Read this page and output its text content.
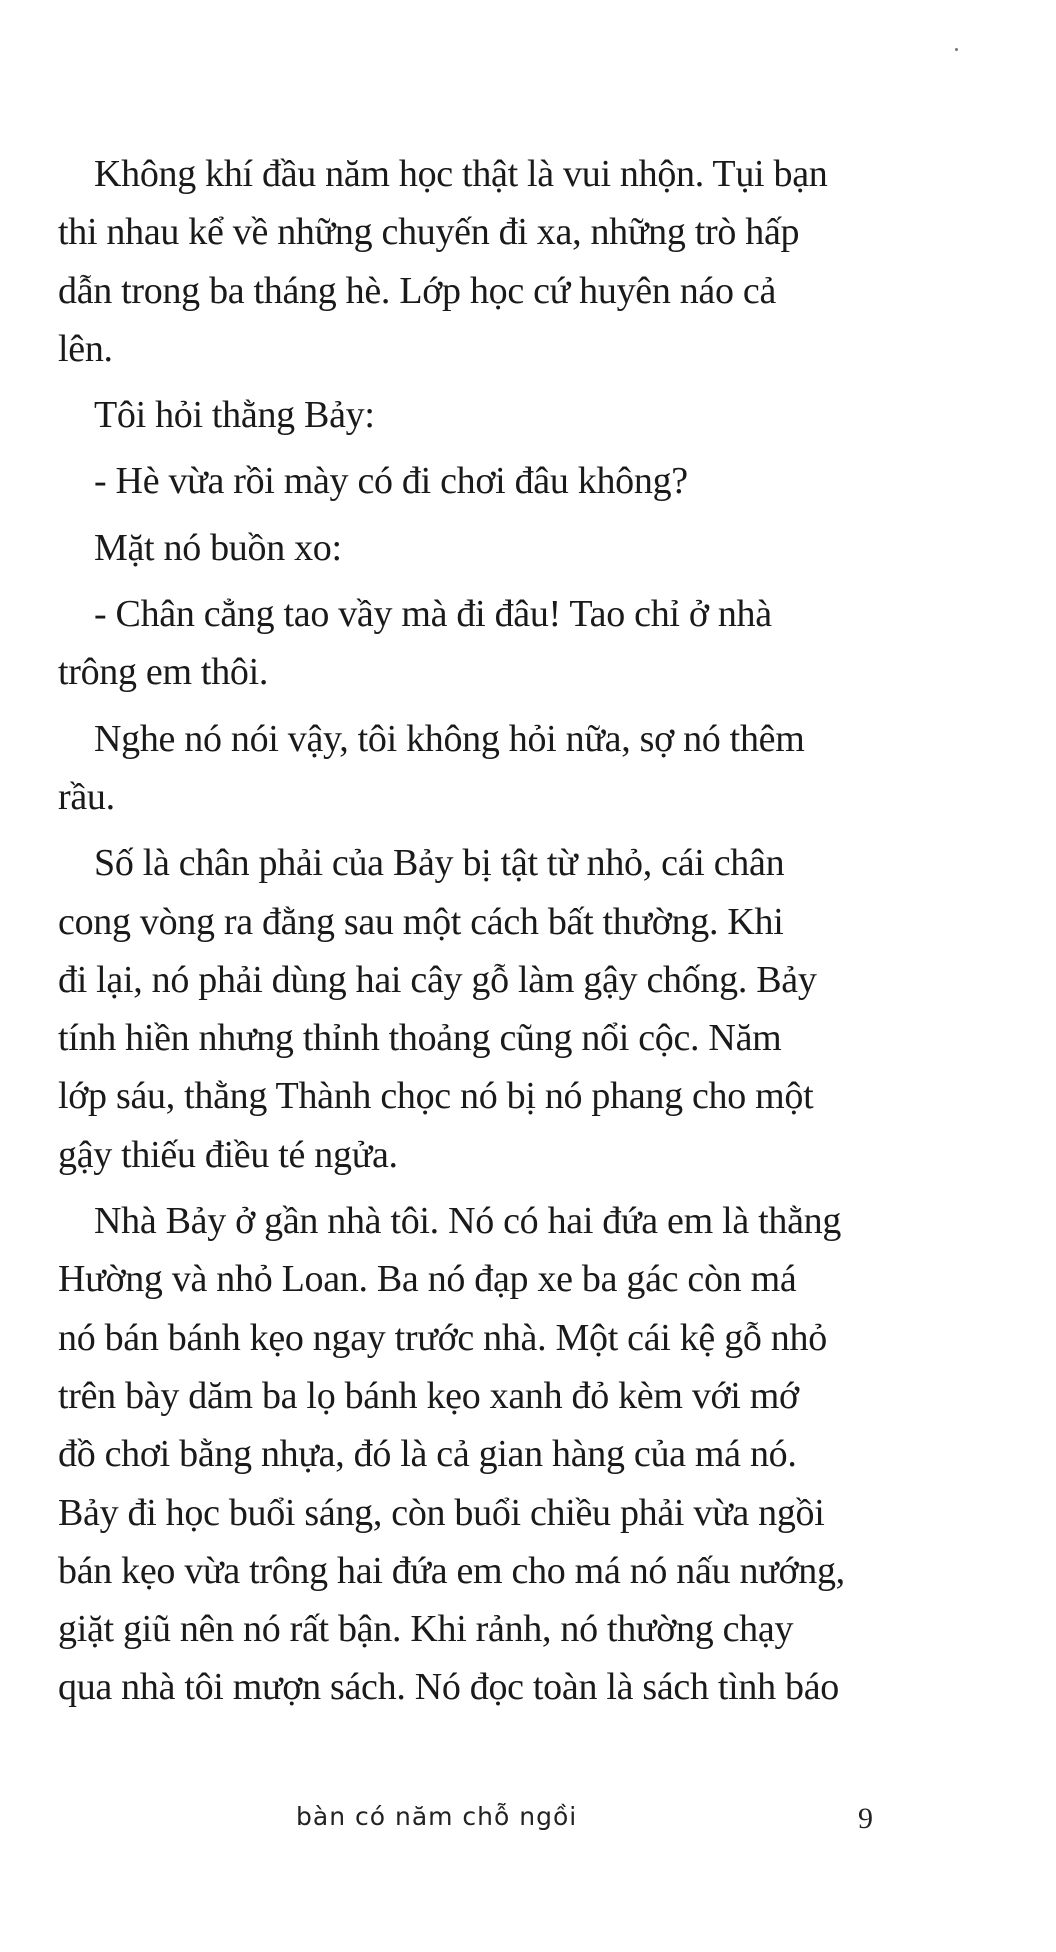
Không khí đầu năm học thật là vui nhộn. Tụi bạn
thi nhau kể về những chuyến đi xa, những trò hấp
dẫn trong ba tháng hè. Lớp học cứ huyên náo cả
lên.
Tôi hỏi thằng Bảy:
- Hè vừa rồi mày có đi chơi đâu không?
Mặt nó buồn xo:
- Chân cẳng tao vầy mà đi đâu! Tao chỉ ở nhà
trông em thôi.
Nghe nó nói vậy, tôi không hỏi nữa, sợ nó thêm
rầu.
Số là chân phải của Bảy bị tật từ nhỏ, cái chân
cong vòng ra đằng sau một cách bất thường. Khi
đi lại, nó phải dùng hai cây gỗ làm gậy chống. Bảy
tính hiền nhưng thỉnh thoảng cũng nổi cộc. Năm
lớp sáu, thằng Thành chọc nó bị nó phang cho một
gậy thiếu điều té ngửa.
Nhà Bảy ở gần nhà tôi. Nó có hai đứa em là thằng
Hường và nhỏ Loan. Ba nó đạp xe ba gác còn má
nó bán bánh kẹo ngay trước nhà. Một cái kệ gỗ nhỏ
trên bày dăm ba lọ bánh kẹo xanh đỏ kèm với mớ
đồ chơi bằng nhựa, đó là cả gian hàng của má nó.
Bảy đi học buổi sáng, còn buổi chiều phải vừa ngồi
bán kẹo vừa trông hai đứa em cho má nó nấu nướng,
giặt giũ nên nó rất bận. Khi rảnh, nó thường chạy
qua nhà tôi mượn sách. Nó đọc toàn là sách tình báo
bàn có năm chỗ ngồi	9
